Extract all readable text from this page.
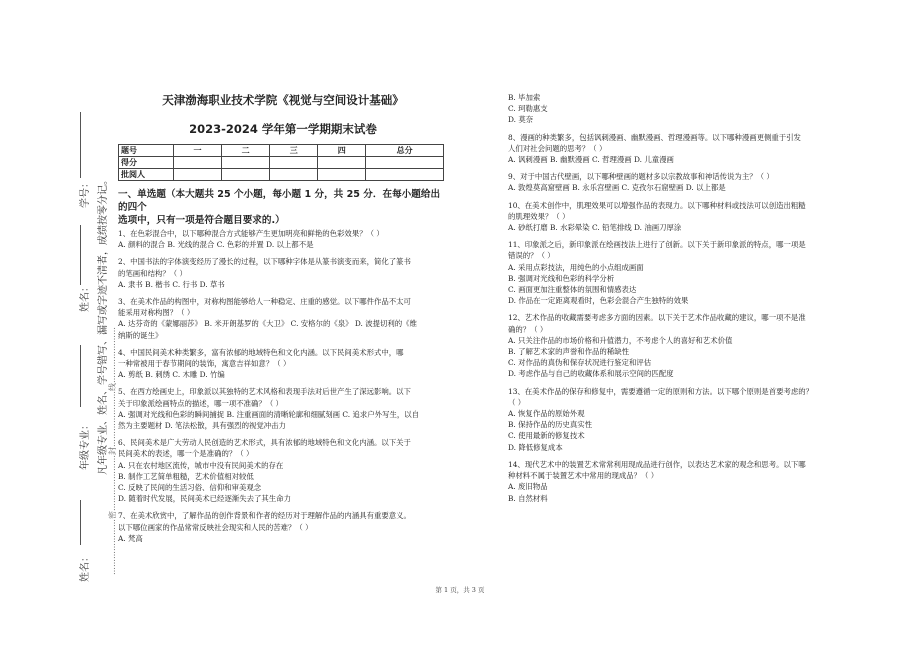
学号：
姓名：
年级专业：
姓名：
凡年级专业、姓名、学号错写、漏写或字迹不清者，成绩按零分记。 …………………密…………………封…………………线…………………
天津渤海职业技术学院《视觉与空间设计基础》
2023-2024 学年第一学期期末试卷
题号	一	二	三	四	总分
得分					
批阅人					
一、单选题（本大题共 25 个小题，每小题 1 分，共 25 分．在每小题给出的四个
选项中，只有一项是符合题目要求的.）

1、在色彩混合中，以下哪种混合方式能够产生更加明亮和鲜艳的色彩效果？（ ）

A. 颜料的混合 B. 光线的混合 C. 色彩的并置 D. 以上都不是

2、中国书法的字体演变经历了漫长的过程，以下哪种字体是从篆书演变而来，简化了篆书

的笔画和结构？（ ）

A. 隶书 B. 楷书 C. 行书 D. 草书

3、在美术作品的构图中，对称构图能够给人一种稳定、庄重的感觉。以下哪件作品不太可

能采用对称构图？（ ）

A. 达芬奇的《蒙娜丽莎》 B. 米开朗基罗的《大卫》 C. 安格尔的《泉》 D. 波提切利的《维
纳斯的诞生》

4、中国民间美术种类繁多，富有浓郁的地域特色和文化内涵。以下民间美术形式中，哪

一种常被用于春节期间的装饰，寓意吉祥如意？（ ）

A. 剪纸 B. 刺绣 C. 木雕 D. 竹编

5、在西方绘画史上，印象派以其独特的艺术风格和表现手法对后世产生了深远影响。以下

关于印象派绘画特点的描述，哪一项不准确？（ ）

A. 强调对光线和色彩的瞬间捕捉 B. 注重画面的清晰轮廓和细腻刻画 C. 追求户外写生，以自
然为主要题材 D. 笔法松散，具有强烈的视觉冲击力

6、民间美术是广大劳动人民创造的艺术形式，具有浓郁的地域特色和文化内涵。以下关于

民间美术的表述，哪一个是准确的？（ ）

A. 只在农村地区流传，城市中没有民间美术的存在
B. 制作工艺简单粗糙，艺术价值相对较低
C. 反映了民间的生活习俗、信仰和审美观念
D. 随着时代发展，民间美术已经逐渐失去了其生命力

7、在美术欣赏中，了解作品的创作背景和作者的经历对于理解作品的内涵具有重要意义。

以下哪位画家的作品常常反映社会现实和人民的苦难？（ ）

A. 梵高
B. 毕加索
C. 珂勒惠支
D. 莫奈

8、漫画的种类繁多，包括讽刺漫画、幽默漫画、哲理漫画等。以下哪种漫画更侧重于引发

人们对社会问题的思考？（ ）

A. 讽刺漫画 B. 幽默漫画 C. 哲理漫画 D. 儿童漫画

9、对于中国古代壁画，以下哪种壁画的题材多以宗教故事和神话传说为主？（ ）

A. 敦煌莫高窟壁画 B. 永乐宫壁画 C. 克孜尔石窟壁画 D. 以上都是

10、在美术创作中，肌理效果可以增强作品的表现力。以下哪种材料或技法可以创造出粗糙

的肌理效果？（ ）

A. 砂纸打磨 B. 水彩晕染 C. 铅笔排线 D. 油画刀厚涂

11、印象派之后，新印象派在绘画技法上进行了创新。以下关于新印象派的特点，哪一项是

错误的？（ ）

A. 采用点彩技法，用纯色的小点组成画面
B. 强调对光线和色彩的科学分析
C. 画面更加注重整体的氛围和情感表达
D. 作品在一定距离观看时，色彩会混合产生独特的效果

12、艺术作品的收藏需要考虑多方面的因素。以下关于艺术作品收藏的建议，哪一项不是准

确的？（ ）

A. 只关注作品的市场价格和升值潜力，不考虑个人的喜好和艺术价值
B. 了解艺术家的声誉和作品的稀缺性
C. 对作品的真伪和保存状况进行鉴定和评估
D. 考虑作品与自己的收藏体系和展示空间的匹配度

13、在美术作品的保存和修复中，需要遵循一定的原则和方法。以下哪个原则是首要考虑的？

（ ）

A. 恢复作品的原始外观
B. 保持作品的历史真实性
C. 使用最新的修复技术
D. 降低修复成本

14、现代艺术中的装置艺术常常利用现成品进行创作，以表达艺术家的观念和思考。以下哪

种材料不属于装置艺术中常用的现成品？（ ）

A. 废旧物品
B. 自然材料
第 1 页，共 3 页
